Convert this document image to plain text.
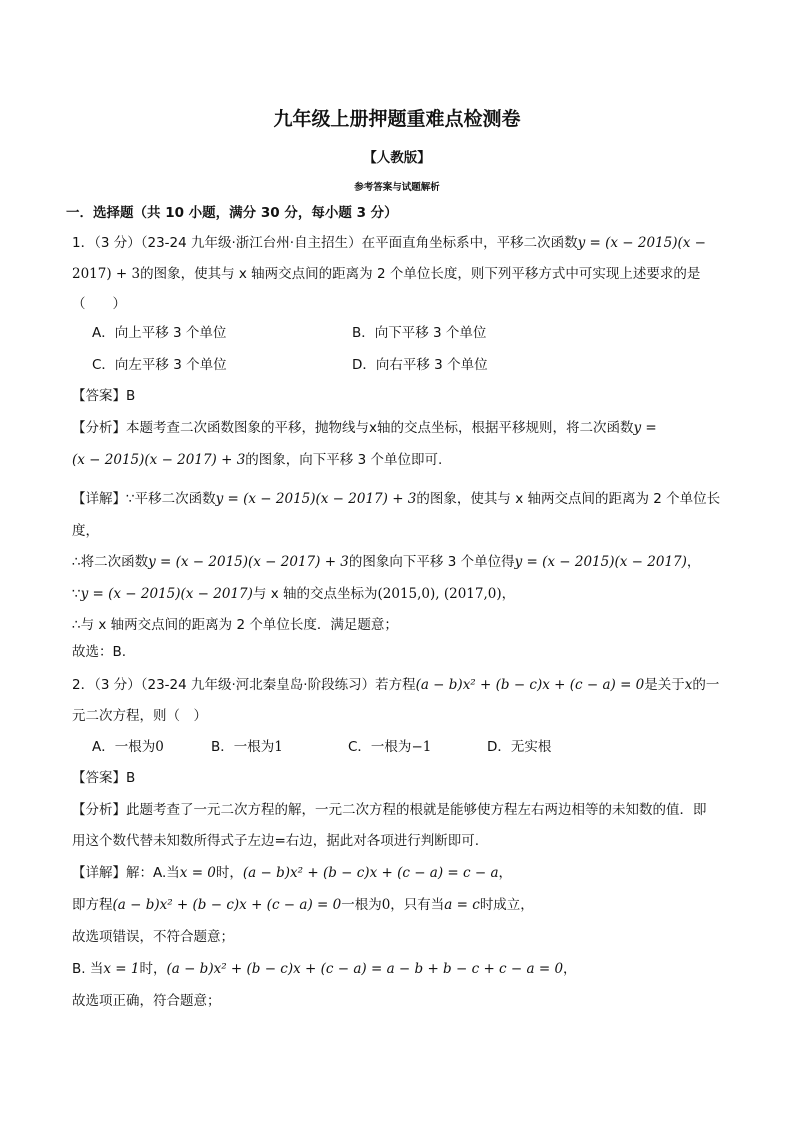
九年级上册押题重难点检测卷
【人教版】
参考答案与试题解析
一．选择题（共 10 小题，满分 30 分，每小题 3 分）
1．（3 分）（23-24 九年级·浙江台州·自主招生）在平面直角坐标系中，平移二次函数y = (x − 2015)(x −
2017) + 3的图象，使其与 x 轴两交点间的距离为 2 个单位长度，则下列平移方式中可实现上述要求的是
（　　）
A．向上平移 3 个单位	B．向下平移 3 个单位
C．向左平移 3 个单位	D．向右平移 3 个单位
【答案】B
【分析】本题考查二次函数图象的平移，抛物线与x轴的交点坐标，根据平移规则，将二次函数y =
(x − 2015)(x − 2017) + 3的图象，向下平移 3 个单位即可.
【详解】∵平移二次函数y = (x − 2015)(x − 2017) + 3的图象，使其与 x 轴两交点间的距离为 2 个单位长
度，
∴将二次函数y = (x − 2015)(x − 2017) + 3的图象向下平移 3 个单位得y = (x − 2015)(x − 2017)，
∵y = (x − 2015)(x − 2017)与 x 轴的交点坐标为(2015,0), (2017,0)，
∴与 x 轴两交点间的距离为 2 个单位长度．满足题意；
故选：B.
2．（3 分）（23-24 九年级·河北秦皇岛·阶段练习）若方程(a − b)x² + (b − c)x + (c − a) = 0是关于x的一
元二次方程，则（　）
A．一根为0	B．一根为1	C．一根为−1	D．无实根
【答案】B
【分析】此题考查了一元二次方程的解，一元二次方程的根就是能够使方程左右两边相等的未知数的值．即
用这个数代替未知数所得式子左边=右边，据此对各项进行判断即可.
【详解】解：A.当x = 0时，(a − b)x² + (b − c)x + (c − a) = c − a，
即方程(a − b)x² + (b − c)x + (c − a) = 0一根为0，只有当a = c时成立，
故选项错误，不符合题意；
B. 当x = 1时，(a − b)x² + (b − c)x + (c − a) = a − b + b − c + c − a = 0，
故选项正确，符合题意；
